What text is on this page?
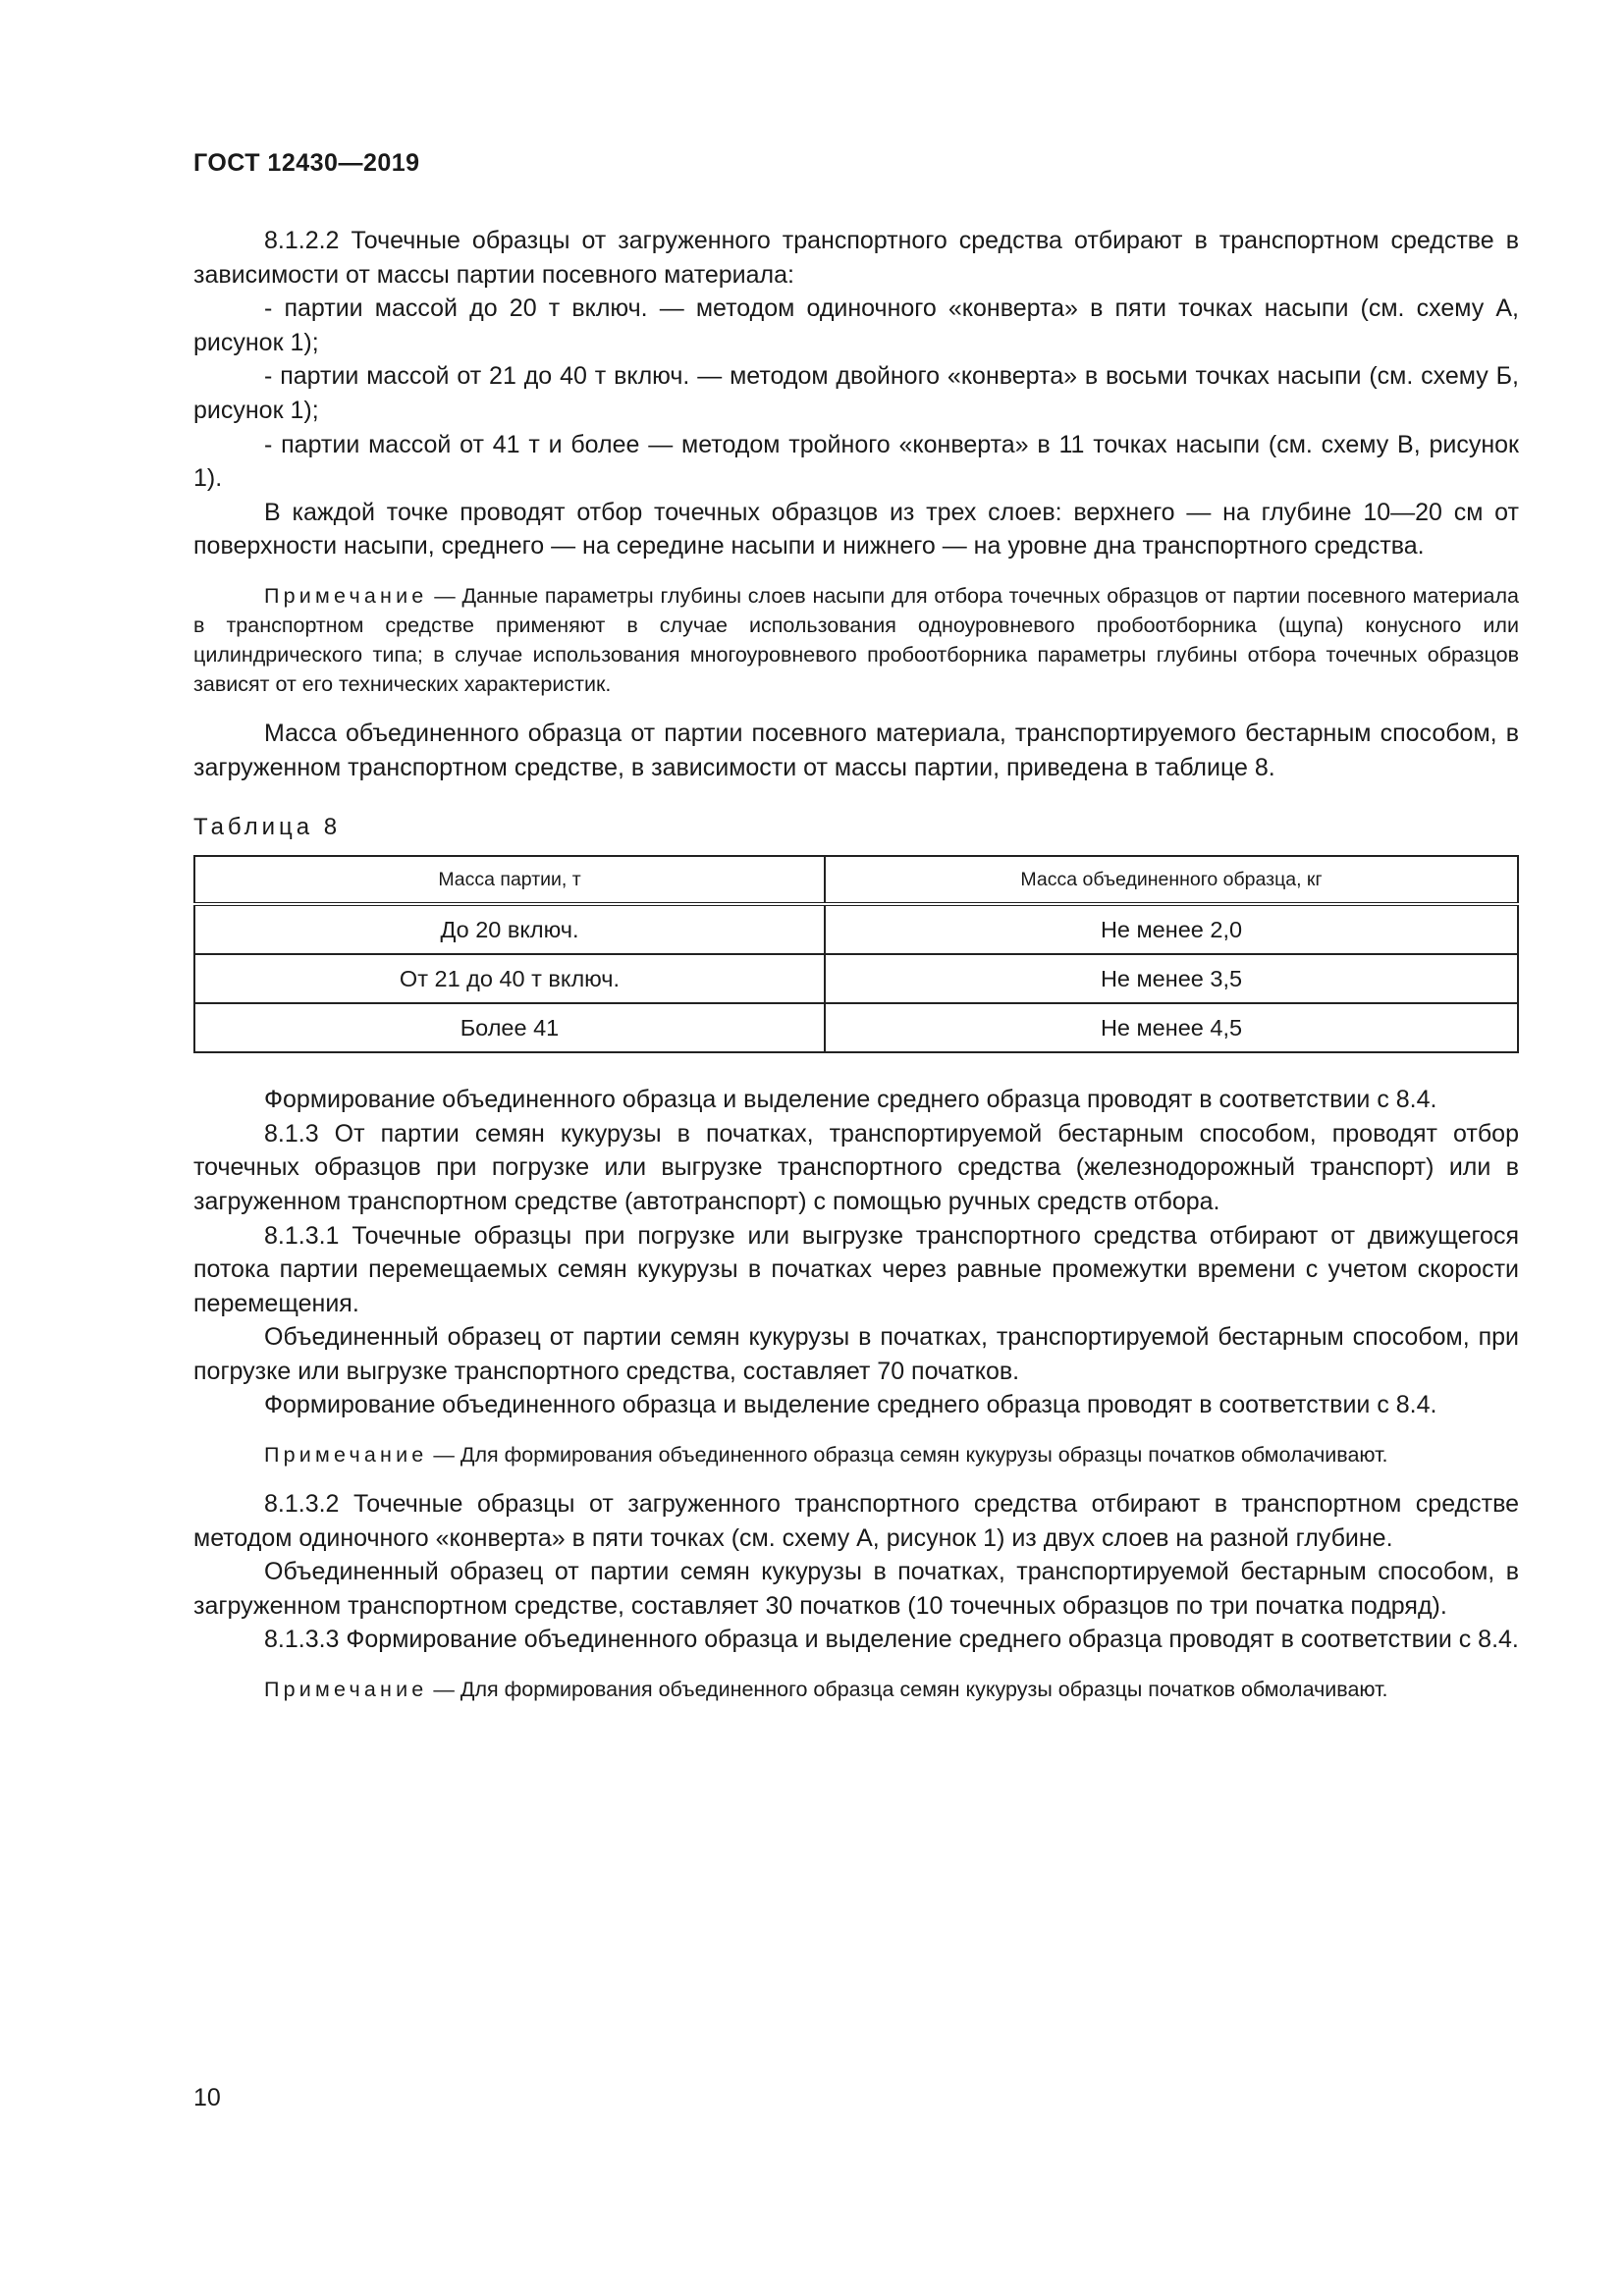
ГОСТ 12430—2019

8.1.2.2 Точечные образцы от загруженного транспортного средства отбирают в транспортном средстве в зависимости от массы партии посевного материала:

- партии массой до 20 т включ. — методом одиночного «конверта» в пяти точках насыпи (см. схему А, рисунок 1);

- партии массой от 21 до 40 т включ. — методом двойного «конверта» в восьми точках насыпи (см. схему Б, рисунок 1);

- партии массой от 41 т и более — методом тройного «конверта» в 11 точках насыпи (см. схему В, рисунок 1).

В каждой точке проводят отбор точечных образцов из трех слоев: верхнего — на глубине 10—20 см от поверхности насыпи, среднего — на середине насыпи и нижнего — на уровне дна транспортного средства.

Примечание — Данные параметры глубины слоев насыпи для отбора точечных образцов от партии посевного материала в транспортном средстве применяют в случае использования одноуровневого пробоотборника (щупа) конусного или цилиндрического типа; в случае использования многоуровневого пробоотборника параметры глубины отбора точечных образцов зависят от его технических характеристик.

Масса объединенного образца от партии посевного материала, транспортируемого бестарным способом, в загруженном транспортном средстве, в зависимости от массы партии, приведена в таблице 8.

Таблица 8
Масса партии, т	Масса объединенного образца, кг
До 20 включ.	Не менее 2,0
От 21 до 40 т включ.	Не менее 3,5
Более 41	Не менее 4,5

Формирование объединенного образца и выделение среднего образца проводят в соответствии с 8.4.

8.1.3 От партии семян кукурузы в початках, транспортируемой бестарным способом, проводят отбор точечных образцов при погрузке или выгрузке транспортного средства (железнодорожный транспорт) или в загруженном транспортном средстве (автотранспорт) с помощью ручных средств отбора.

8.1.3.1 Точечные образцы при погрузке или выгрузке транспортного средства отбирают от движущегося потока партии перемещаемых семян кукурузы в початках через равные промежутки времени с учетом скорости перемещения.

Объединенный образец от партии семян кукурузы в початках, транспортируемой бестарным способом, при погрузке или выгрузке транспортного средства, составляет 70 початков.

Формирование объединенного образца и выделение среднего образца проводят в соответствии с 8.4.

Примечание — Для формирования объединенного образца семян кукурузы образцы початков обмолачивают.

8.1.3.2 Точечные образцы от загруженного транспортного средства отбирают в транспортном средстве методом одиночного «конверта» в пяти точках (см. схему А, рисунок 1) из двух слоев на разной глубине.

Объединенный образец от партии семян кукурузы в початках, транспортируемой бестарным способом, в загруженном транспортном средстве, составляет 30 початков (10 точечных образцов по три початка подряд).

8.1.3.3 Формирование объединенного образца и выделение среднего образца проводят в соответствии с 8.4.

Примечание — Для формирования объединенного образца семян кукурузы образцы початков обмолачивают.

10
